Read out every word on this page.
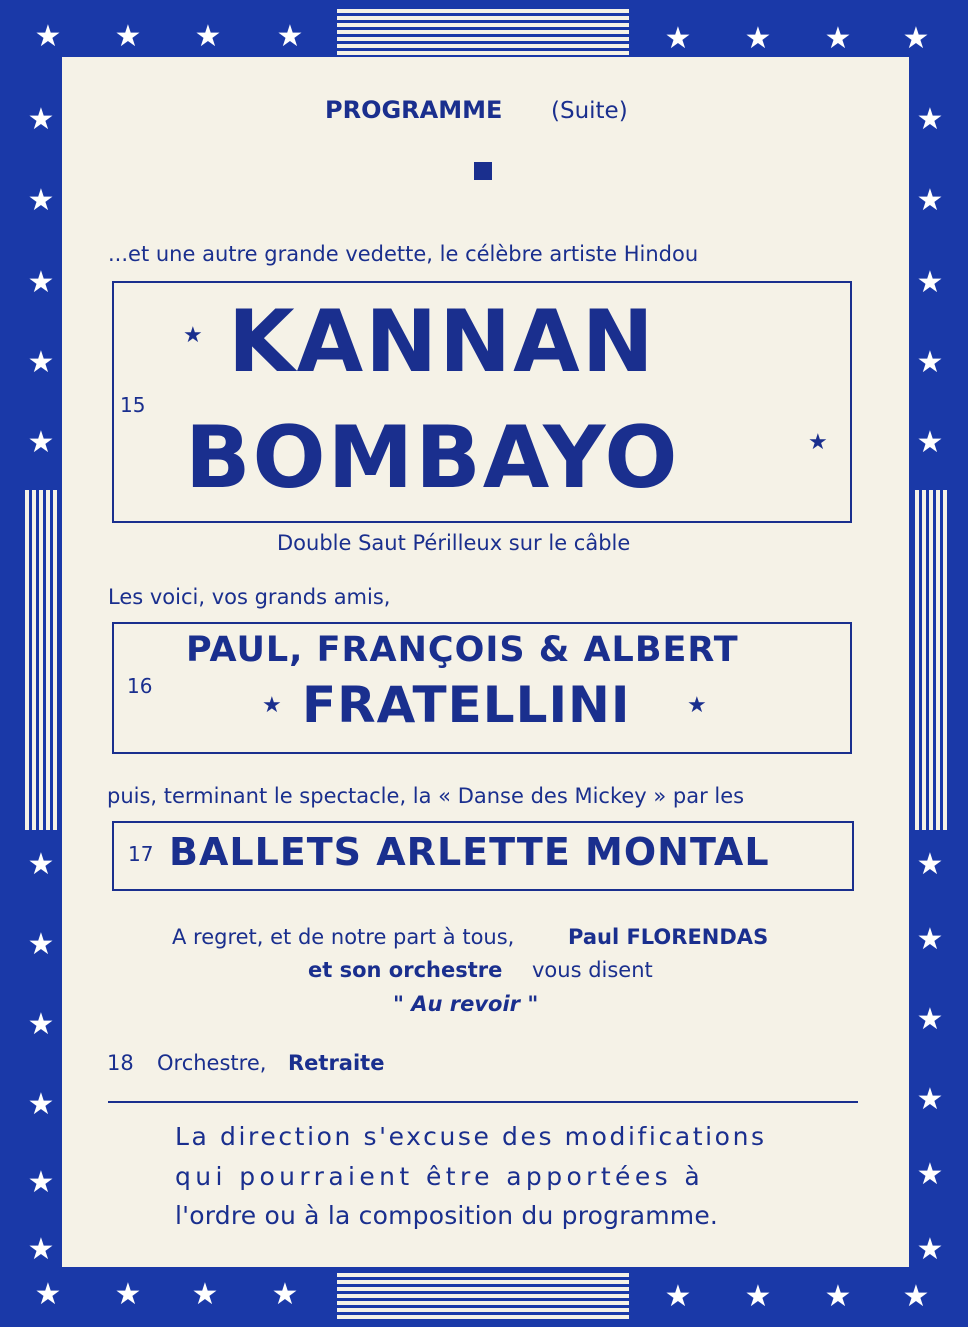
★ ★ ★ ★	★ ★ ★ ★
★ ★ ★ ★	★ ★ ★ ★
★
★
★
★
★
★
★
★
★
★
★
★
★
★
★
★
★
★
★
★
★
★
PROGRAMME (Suite)
...et une autre grande vedette, le célèbre artiste Hindou
★ KANNAN
15
BOMBAYO	★
Double Saut Périlleux sur le câble
Les voici, vos grands amis,
PAUL, FRANÇOIS & ALBERT
16
★ FRATELLINI	★
puis, terminant le spectacle, la « Danse des Mickey » par les
17 BALLETS ARLETTE MONTAL
A regret, et de notre part à tous,	Paul FLORENDAS
et son orchestre vous disent
" Au revoir "
18 Orchestre, Retraite
La direction s'excuse des modifications
qui pourraient être apportées à
l'ordre ou à la composition du programme.
